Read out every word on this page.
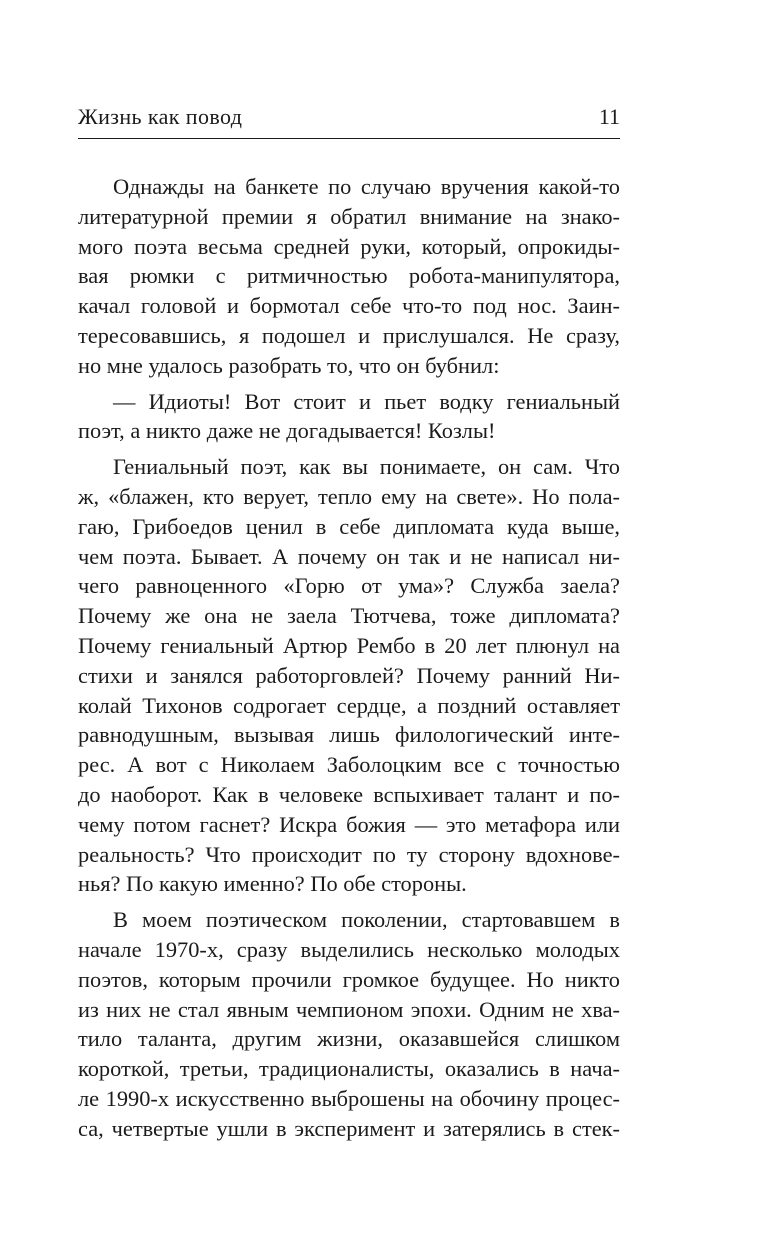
Жизнь как повод	11
Однажды на банкете по случаю вручения какой-то
литературной премии я обратил внимание на знако-
мого поэта весьма средней руки, который, опрокиды-
вая рюмки с ритмичностью робота-манипулятора,
качал головой и бормотал себе что-то под нос. Заин-
тересовавшись, я подошел и прислушался. Не сразу,
но мне удалось разобрать то, что он бубнил:
— Идиоты! Вот стоит и пьет водку гениальный
поэт, а никто даже не догадывается! Козлы!
Гениальный поэт, как вы понимаете, он сам. Что
ж, «блажен, кто верует, тепло ему на свете». Но пола-
гаю, Грибоедов ценил в себе дипломата куда выше,
чем поэта. Бывает. А почему он так и не написал ни-
чего равноценного «Горю от ума»? Служба заела?
Почему же она не заела Тютчева, тоже дипломата?
Почему гениальный Артюр Рембо в 20 лет плюнул на
стихи и занялся работорговлей? Почему ранний Ни-
колай Тихонов содрогает сердце, а поздний оставляет
равнодушным, вызывая лишь филологический инте-
рес. А вот с Николаем Заболоцким все с точностью
до наоборот. Как в человеке вспыхивает талант и по-
чему потом гаснет? Искра божия — это метафора или
реальность? Что происходит по ту сторону вдохнове-
нья? По какую именно? По обе стороны.
В моем поэтическом поколении, стартовавшем в
начале 1970-х, сразу выделились несколько молодых
поэтов, которым прочили громкое будущее. Но никто
из них не стал явным чемпионом эпохи. Одним не хва-
тило таланта, другим жизни, оказавшейся слишком
короткой, третьи, традиционалисты, оказались в нача-
ле 1990-х искусственно выброшены на обочину процес-
са, четвертые ушли в эксперимент и затерялись в стек-
